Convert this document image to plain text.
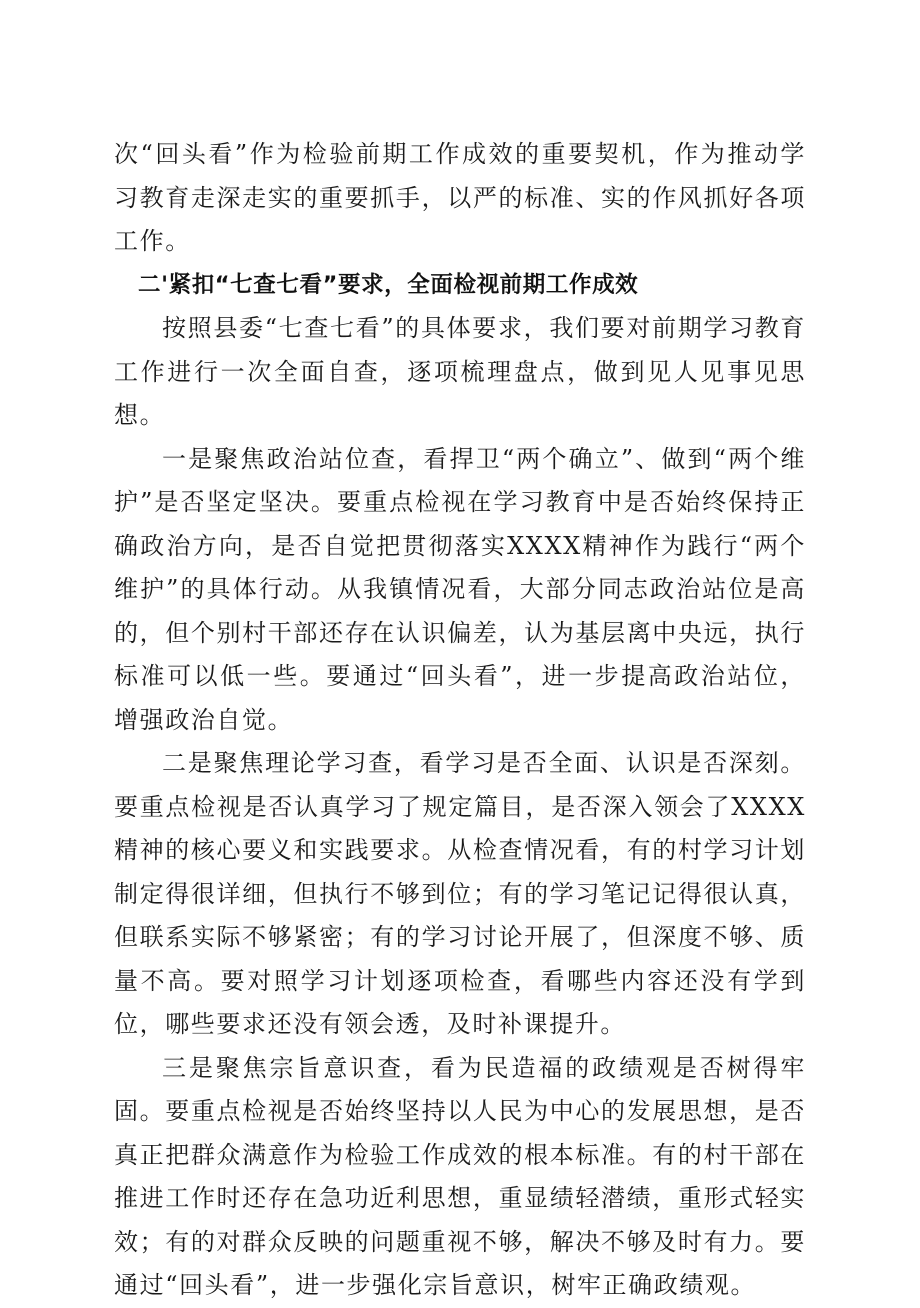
次“回头看”作为检验前期工作成效的重要契机，作为推动学习教育走深走实的重要抓手，以严的标准、实的作风抓好各项工作。

二'紧扣“七查七看”要求，全面检视前期工作成效

按照县委“七查七看”的具体要求，我们要对前期学习教育工作进行一次全面自查，逐项梳理盘点，做到见人见事见思想。

一是聚焦政治站位查，看捍卫“两个确立”、做到“两个维护”是否坚定坚决。要重点检视在学习教育中是否始终保持正确政治方向，是否自觉把贯彻落实XXXX精神作为践行“两个维护”的具体行动。从我镇情况看，大部分同志政治站位是高的，但个别村干部还存在认识偏差，认为基层离中央远，执行标准可以低一些。要通过“回头看”，进一步提高政治站位，增强政治自觉。

二是聚焦理论学习查，看学习是否全面、认识是否深刻。要重点检视是否认真学习了规定篇目，是否深入领会了XXXX精神的核心要义和实践要求。从检查情况看，有的村学习计划制定得很详细，但执行不够到位；有的学习笔记记得很认真，但联系实际不够紧密；有的学习讨论开展了，但深度不够、质量不高。要对照学习计划逐项检查，看哪些内容还没有学到位，哪些要求还没有领会透，及时补课提升。

三是聚焦宗旨意识查，看为民造福的政绩观是否树得牢固。要重点检视是否始终坚持以人民为中心的发展思想，是否真正把群众满意作为检验工作成效的根本标准。有的村干部在推进工作时还存在急功近利思想，重显绩轻潜绩，重形式轻实效；有的对群众反映的问题重视不够，解决不够及时有力。要通过“回头看”，进一步强化宗旨意识，树牢正确政绩观。
